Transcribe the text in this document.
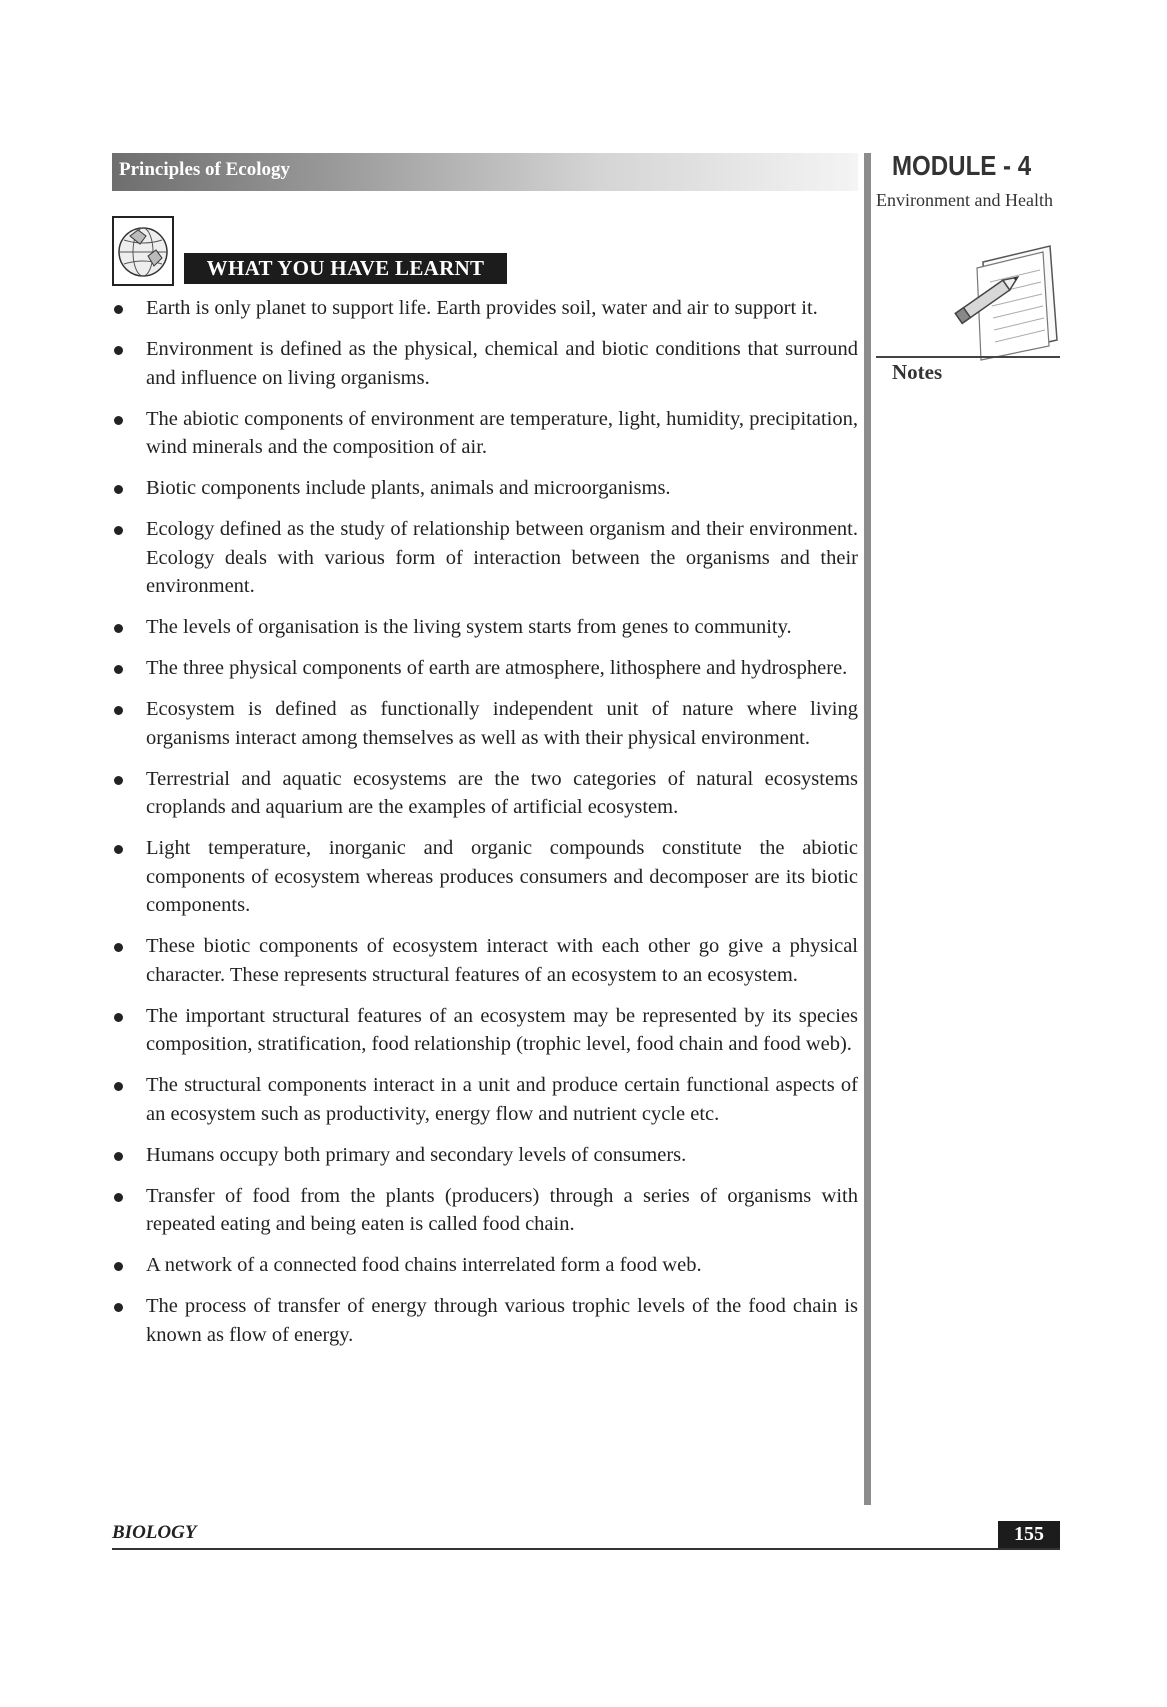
Principles of Ecology	MODULE - 4
Environment and Health
Notes
WHAT YOU HAVE LEARNT
Earth is only planet to support life. Earth provides soil, water and air to support it.
Environment is defined as the physical, chemical and biotic conditions that surround and influence on living organisms.
The abiotic components of environment are temperature, light, humidity, precipitation, wind minerals and the composition of air.
Biotic components include plants, animals and microorganisms.
Ecology defined as the study of relationship between organism and their environment. Ecology deals with various form of interaction between the organisms and their environment.
The levels of organisation is the living system starts from genes to community.
The three physical components of earth are atmosphere, lithosphere and hydrosphere.
Ecosystem is defined as functionally independent unit of nature where living organisms interact among themselves as well as with their physical environment.
Terrestrial and aquatic ecosystems are the two categories of natural ecosystems croplands and aquarium are the examples of artificial ecosystem.
Light temperature, inorganic and organic compounds constitute the abiotic components of ecosystem whereas produces consumers and decomposer are its biotic components.
These biotic components of ecosystem interact with each other go give a physical character. These represents structural features of an ecosystem to an ecosystem.
The important structural features of an ecosystem may be represented by its species composition, stratification, food relationship (trophic level, food chain and food web).
The structural components interact in a unit and produce certain functional aspects of an ecosystem such as productivity, energy flow and nutrient cycle etc.
Humans occupy both primary and secondary levels of consumers.
Transfer of food from the plants (producers) through a series of organisms with repeated eating and being eaten is called food chain.
A network of a connected food chains interrelated form a food web.
The process of transfer of energy through various trophic levels of the food chain is known as flow of energy.
BIOLOGY	155
